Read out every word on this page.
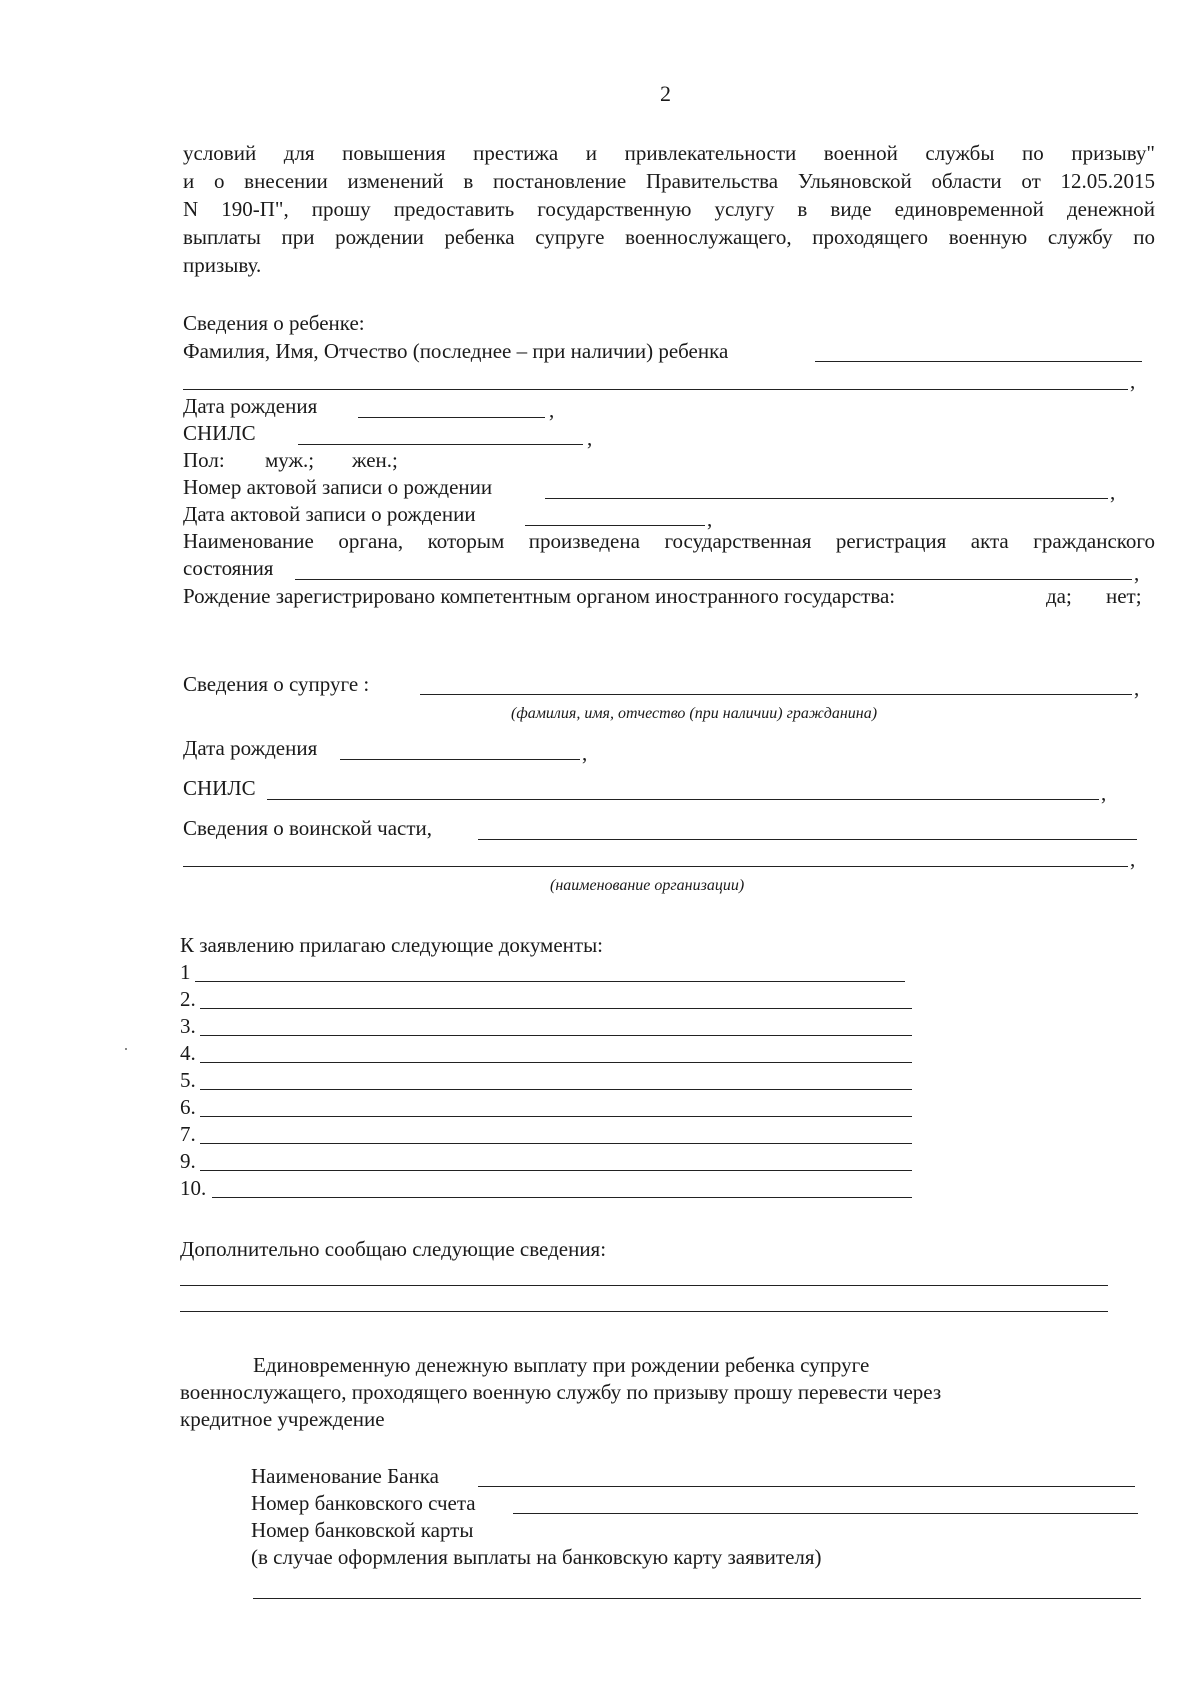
2
условий для повышения престижа и привлекательности военной службы по призыву"
и о внесении изменений в постановление Правительства Ульяновской области от 12.05.2015
N 190-П", прошу предоставить государственную услугу в виде единовременной денежной
выплаты при рождении ребенка супруге военнослужащего, проходящего военную службу по
призыву.
Сведения о ребенке:
Фамилия, Имя, Отчество (последнее – при наличии) ребенка
,
Дата рождения	,
СНИЛС	,
Пол: муж.; жен.;
Номер актовой записи о рождении	,
Дата актовой записи о рождении	,
Наименование органа, которым произведена государственная регистрация акта гражданского
состояния	,
Рождение зарегистрировано компетентным органом иностранного государства:	да; нет;
Сведения о супруге :	,
(фамилия, имя, отчество (при наличии) гражданина)
Дата рождения	,
СНИЛС	,
Сведения о воинской части,
,
(наименование организации)
К заявлению прилагаю следующие документы:
1
2.
3.
4.
5.
6.
7.
9.
10.
Дополнительно сообщаю следующие сведения:
Единовременную денежную выплату при рождении ребенка супруге
военнослужащего, проходящего военную службу по призыву прошу перевести через
кредитное учреждение
Наименование Банка
Номер банковского счета
Номер банковской карты
(в случае оформления выплаты на банковскую карту заявителя)
